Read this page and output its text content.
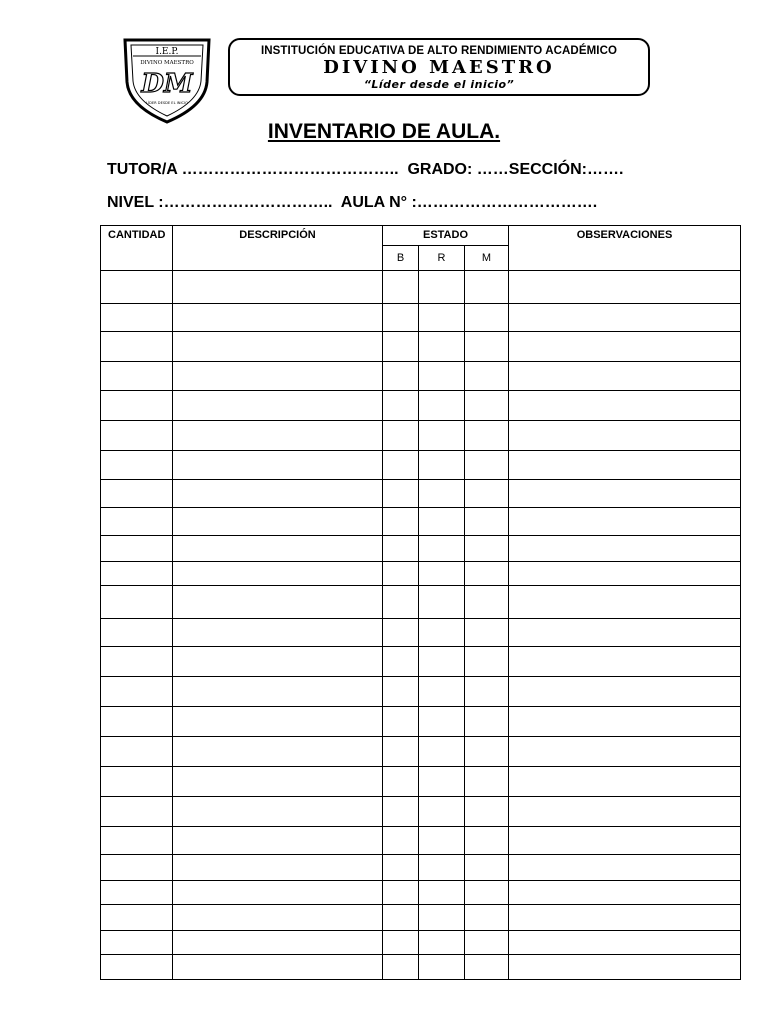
I.E.P.
DIVINO MAESTRO
DM
LÍDER DESDE EL INICIO
INSTITUCIÓN EDUCATIVA DE ALTO RENDIMIENTO ACADÉMICO
DIVINO MAESTRO
“Líder desde el inicio”
INVENTARIO DE AULA.
TUTOR/A …………………………………..  GRADO: ……SECCIÓN:…….
NIVEL :…………………………..  AULA N° :…………………………….
CANTIDAD	DESCRIPCIÓN	ESTADO			OBSERVACIONES
		B	R	M	
